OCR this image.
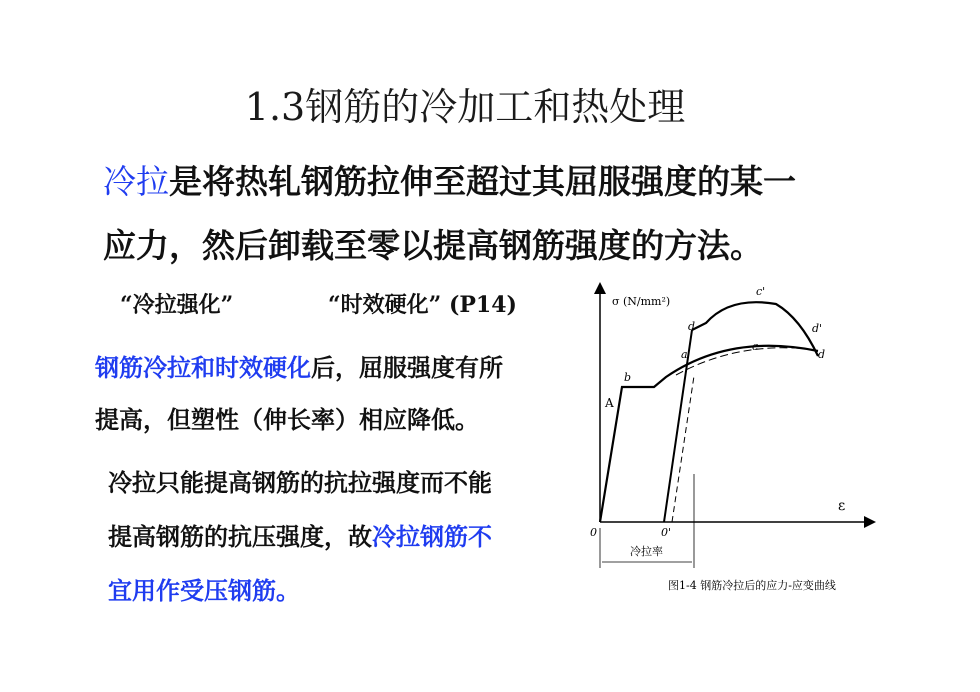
1.3钢筋的冷加工和热处理
冷拉是将热轧钢筋拉伸至超过其屈服强度的某一
应力，然后卸载至零以提高钢筋强度的方法。
“冷拉强化”	“时效硬化” (P14)
钢筋冷拉和时效硬化后，屈服强度有所
提高，但塑性（伸长率）相应降低。
冷拉只能提高钢筋的抗拉强度而不能
提高钢筋的抗压强度，故冷拉钢筋不
宜用作受压钢筋。
σ (N/mm²)
ε
A
b
a
d
c
c'
d'
d
0	0'
冷拉率
图1-4 钢筋冷拉后的应力-应变曲线
